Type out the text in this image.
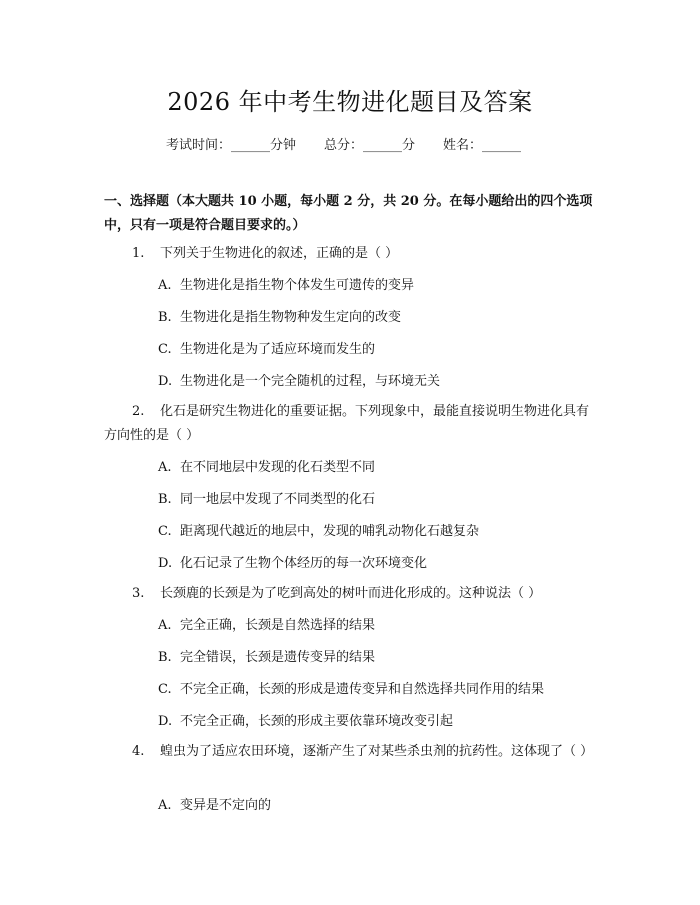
2026 年中考生物进化题目及答案
考试时间：______分钟 总分：______分 姓名：______
一、选择题（本大题共 10 小题，每小题 2 分，共 20 分。在每小题给出的四个选项中，只有一项是符合题目要求的。）
1. 下列关于生物进化的叙述，正确的是（ ）
A. 生物进化是指生物个体发生可遗传的变异
B. 生物进化是指生物物种发生定向的改变
C. 生物进化是为了适应环境而发生的
D. 生物进化是一个完全随机的过程，与环境无关
2. 化石是研究生物进化的重要证据。下列现象中，最能直接说明生物进化具有方向性的是（ ）
A. 在不同地层中发现的化石类型不同
B. 同一地层中发现了不同类型的化石
C. 距离现代越近的地层中，发现的哺乳动物化石越复杂
D. 化石记录了生物个体经历的每一次环境变化
3. 长颈鹿的长颈是为了吃到高处的树叶而进化形成的。这种说法（ ）
A. 完全正确，长颈是自然选择的结果
B. 完全错误，长颈是遗传变异的结果
C. 不完全正确，长颈的形成是遗传变异和自然选择共同作用的结果
D. 不完全正确，长颈的形成主要依靠环境改变引起
4. 蝗虫为了适应农田环境，逐渐产生了对某些杀虫剂的抗药性。这体现了（ ）
A. 变异是不定向的
